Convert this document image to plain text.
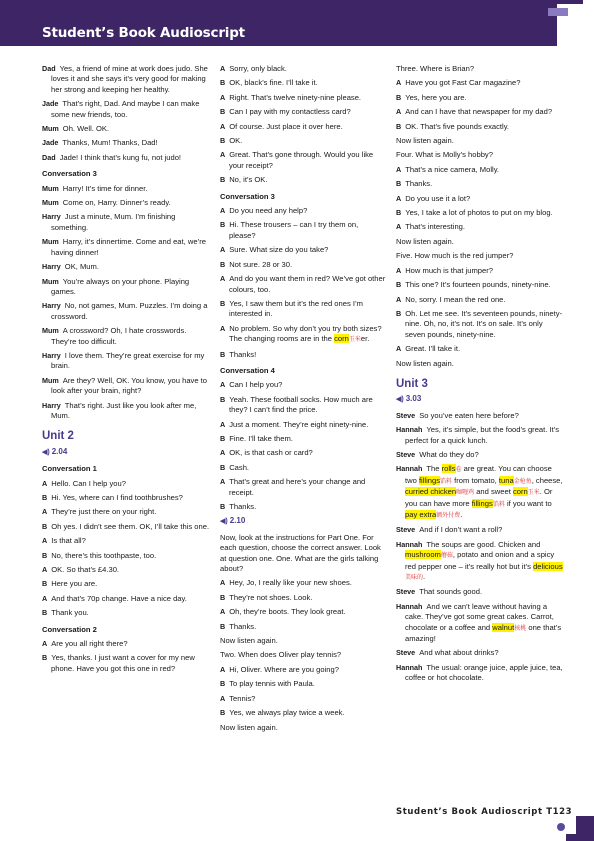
Student’s Book Audioscript
Dad Yes, a friend of mine at work does judo. She loves it and she says it’s very good for making her strong and keeping her healthy.
Jade That’s right, Dad. And maybe I can make some new friends, too.
Mum Oh. Well. OK.
Jade Thanks, Mum! Thanks, Dad!
Dad Jade! I think that’s kung fu, not judo!
Conversation 3
Mum Harry! It’s time for dinner.
Mum Come on, Harry. Dinner’s ready.
Harry Just a minute, Mum. I’m finishing something.
Mum Harry, it’s dinnertime. Come and eat, we’re having dinner!
Harry OK, Mum.
Mum You’re always on your phone. Playing games.
Harry No, not games, Mum. Puzzles. I’m doing a crossword.
Mum A crossword? Oh, I hate crosswords. They’re too difficult.
Harry I love them. They’re great exercise for my brain.
Mum Are they? Well, OK. You know, you have to look after your brain, right?
Harry That’s right. Just like you look after me, Mum.
Unit 2
◀) 2.04
Conversation 1
A Hello. Can I help you?
B Hi. Yes, where can I find toothbrushes?
A They’re just there on your right.
B Oh yes. I didn’t see them. OK, I’ll take this one.
A Is that all?
B No, there’s this toothpaste, too.
A OK. So that’s £4.30.
B Here you are.
A And that’s 70p change. Have a nice day.
B Thank you.
Conversation 2
A Are you all right there?
B Yes, thanks. I just want a cover for my new phone. Have you got this one in red?
A Sorry, only black.
B OK, black’s fine. I’ll take it.
A Right. That’s twelve ninety-nine please.
B Can I pay with my contactless card?
A Of course. Just place it over here.
B OK.
A Great. That’s gone through. Would you like your receipt?
B No, it’s OK.
Conversation 3
A Do you need any help?
B Hi. These trousers – can I try them on, please?
A Sure. What size do you take?
B Not sure. 28 or 30.
A And do you want them in red? We’ve got other colours, too.
B Yes, I saw them but it’s the red ones I’m interested in.
A No problem. So why don’t you try both sizes? The changing rooms are in the corn玉米er.
B Thanks!
Conversation 4
A Can I help you?
B Yeah. These football socks. How much are they? I can’t find the price.
A Just a moment. They’re eight ninety-nine.
B Fine. I’ll take them.
A OK, is that cash or card?
B Cash.
A That’s great and here’s your change and receipt.
B Thanks.
◀) 2.10
Now, look at the instructions for Part One. For each question, choose the correct answer. Look at question one. One. What are the girls talking about?
A Hey, Jo, I really like your new shoes.
B They’re not shoes. Look.
A Oh, they’re boots. They look great.
B Thanks.
Now listen again.
Two. When does Oliver play tennis?
A Hi, Oliver. Where are you going?
B To play tennis with Paula.
A Tennis?
B Yes, we always play twice a week.
Now listen again.
Three. Where is Brian?
A Have you got Fast Car magazine?
B Yes, here you are.
A And can I have that newspaper for my dad?
B OK. That’s five pounds exactly.
Now listen again.
Four. What is Molly’s hobby?
A That’s a nice camera, Molly.
B Thanks.
A Do you use it a lot?
B Yes, I take a lot of photos to put on my blog.
A That’s interesting.
Now listen again.
Five. How much is the red jumper?
A How much is that jumper?
B This one? It’s fourteen pounds, ninety-nine.
A No, sorry. I mean the red one.
B Oh. Let me see. It’s seventeen pounds, ninety-nine. Oh, no, it’s not. It’s on sale. It’s only seven pounds, ninety-nine.
A Great. I’ll take it.
Now listen again.
Unit 3
◀) 3.03
Steve So you’ve eaten here before?
Hannah Yes, it’s simple, but the food’s great. It’s perfect for a quick lunch.
Steve What do they do?
Hannah The rolls卷 are great. You can choose two fillings馅料 from tomato, tuna金枪鱼, cheese, curried chicken咖喱鸡 and sweet corn玉米. Or you can have more fillings馅料 if you want to pay extra额外付费.
Steve And if I don’t want a roll?
Hannah The soups are good. Chicken and mushroom蘑菇, potato and onion and a spicy red pepper one – it’s really hot but it’s delicious美味的.
Steve That sounds good.
Hannah And we can’t leave without having a cake. They’ve got some great cakes. Carrot, chocolate or a coffee and walnut核桃 one that’s amazing!
Steve And what about drinks?
Hannah The usual: orange juice, apple juice, tea, coffee or hot chocolate.
Student’s Book Audioscript T123
